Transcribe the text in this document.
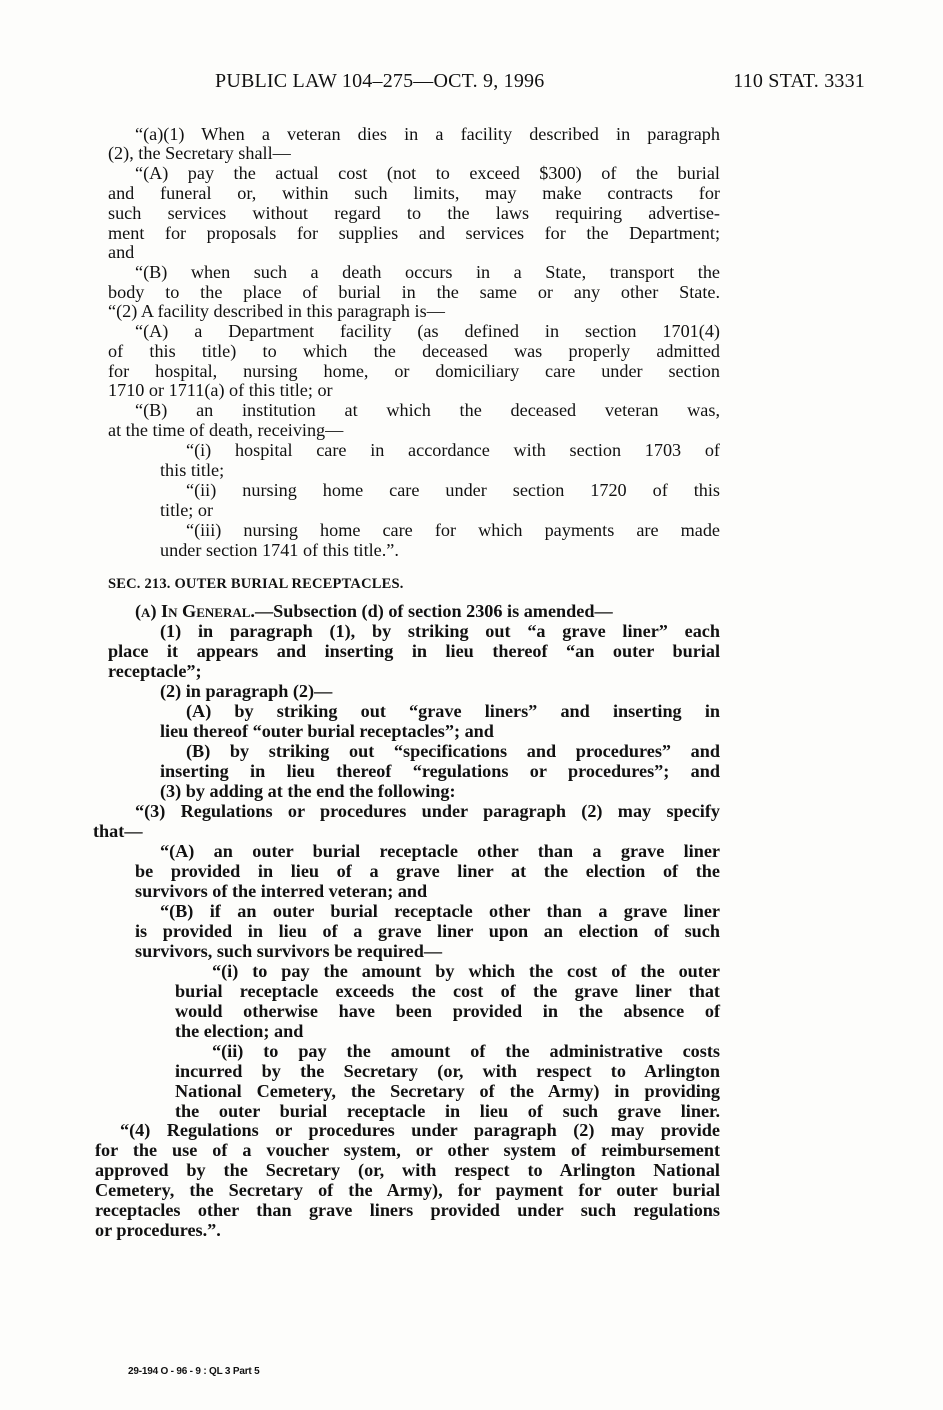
PUBLIC LAW 104–275—OCT. 9, 1996	110 STAT. 3331
“(a)(1) When a veteran dies in a facility described in paragraph
(2), the Secretary shall—
“(A) pay the actual cost (not to exceed $300) of the burial
and funeral or, within such limits, may make contracts for
such services without regard to the laws requiring advertise-
ment for proposals for supplies and services for the Department;
and
“(B) when such a death occurs in a State, transport the
body to the place of burial in the same or any other State.
“(2) A facility described in this paragraph is—
“(A) a Department facility (as defined in section 1701(4)
of this title) to which the deceased was properly admitted
for hospital, nursing home, or domiciliary care under section
1710 or 1711(a) of this title; or
“(B) an institution at which the deceased veteran was,
at the time of death, receiving—
“(i) hospital care in accordance with section 1703 of
this title;
“(ii) nursing home care under section 1720 of this
title; or
“(iii) nursing home care for which payments are made
under section 1741 of this title.”.
SEC. 213. OUTER BURIAL RECEPTACLES.
(a) In General.—Subsection (d) of section 2306 is amended—
(1) in paragraph (1), by striking out “a grave liner” each
place it appears and inserting in lieu thereof “an outer burial
receptacle”;
(2) in paragraph (2)—
(A) by striking out “grave liners” and inserting in
lieu thereof “outer burial receptacles”; and
(B) by striking out “specifications and procedures” and
inserting in lieu thereof “regulations or procedures”; and
(3) by adding at the end the following:
“(3) Regulations or procedures under paragraph (2) may specify
that—
“(A) an outer burial receptacle other than a grave liner
be provided in lieu of a grave liner at the election of the
survivors of the interred veteran; and
“(B) if an outer burial receptacle other than a grave liner
is provided in lieu of a grave liner upon an election of such
survivors, such survivors be required—
“(i) to pay the amount by which the cost of the outer
burial receptacle exceeds the cost of the grave liner that
would otherwise have been provided in the absence of
the election; and
“(ii) to pay the amount of the administrative costs
incurred by the Secretary (or, with respect to Arlington
National Cemetery, the Secretary of the Army) in providing
the outer burial receptacle in lieu of such grave liner.
“(4) Regulations or procedures under paragraph (2) may provide
for the use of a voucher system, or other system of reimbursement
approved by the Secretary (or, with respect to Arlington National
Cemetery, the Secretary of the Army), for payment for outer burial
receptacles other than grave liners provided under such regulations
or procedures.”.
29-194 O - 96 - 9 : QL 3 Part 5
